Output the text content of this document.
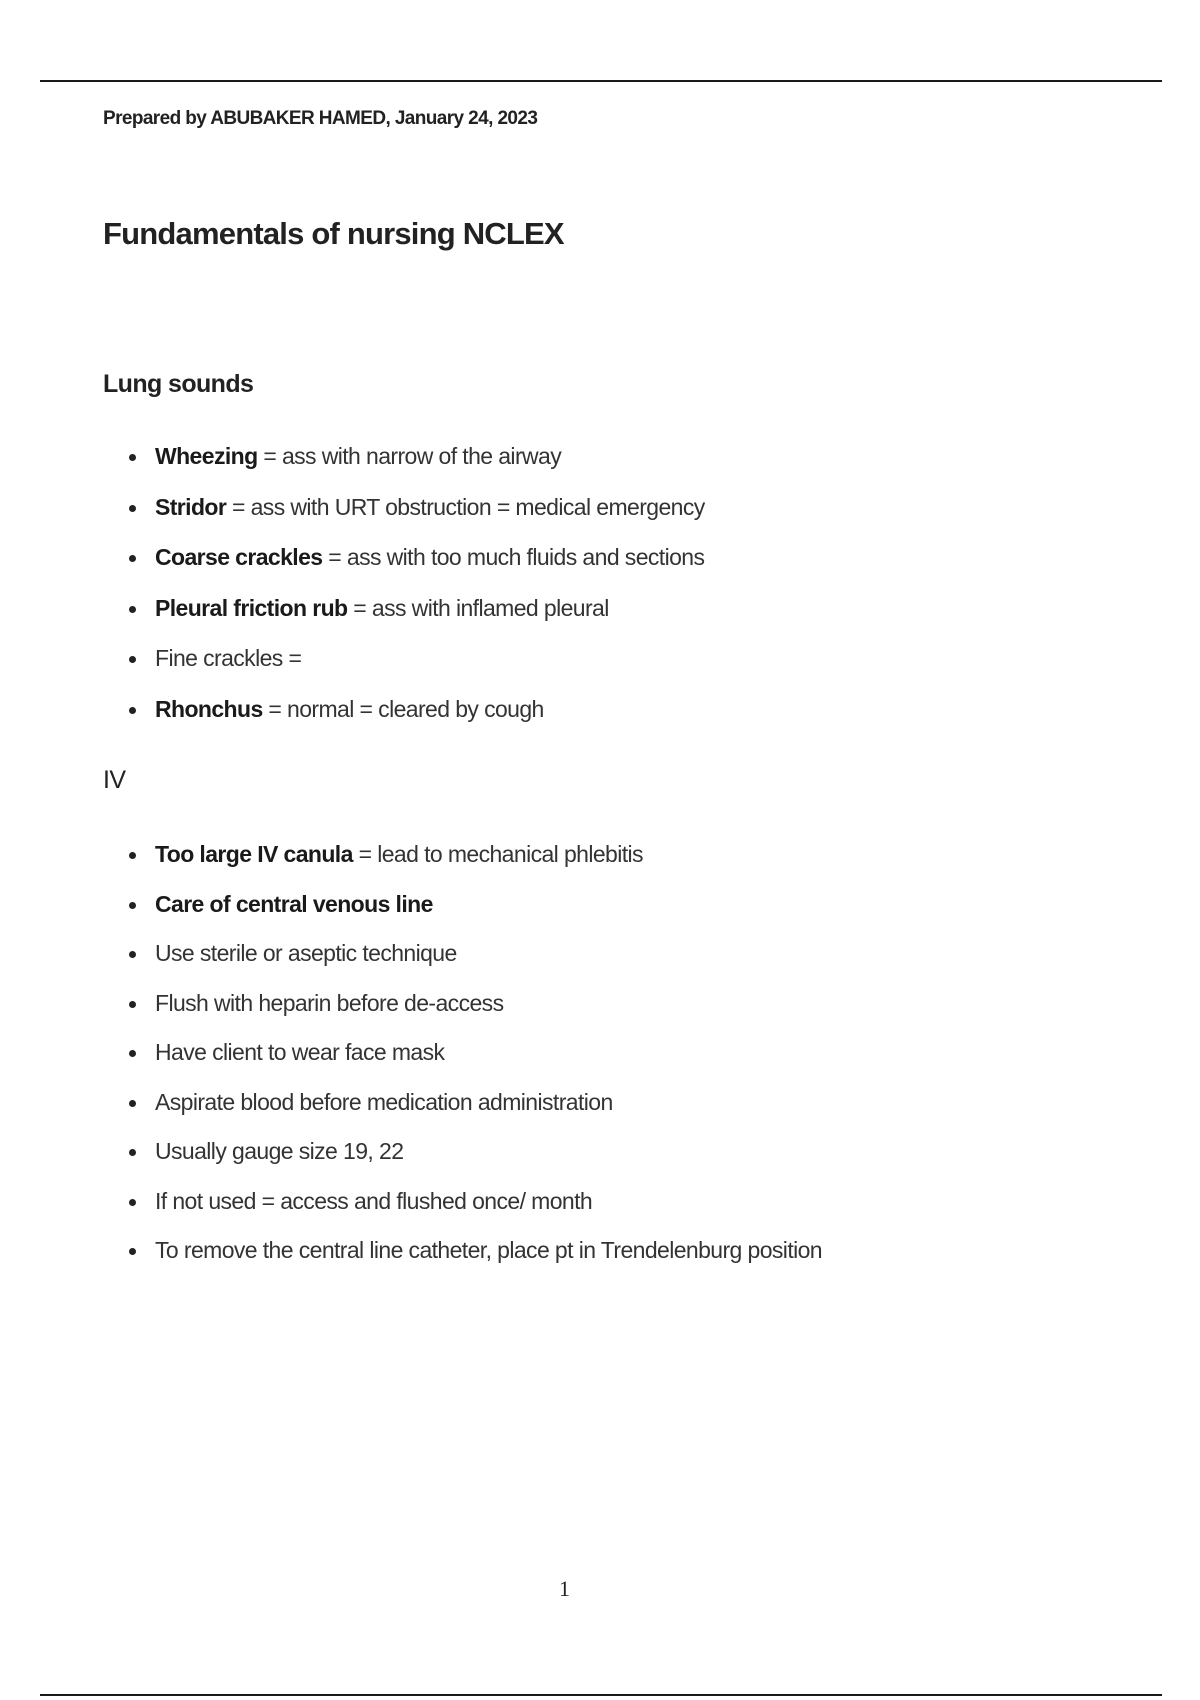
Prepared by ABUBAKER HAMED, January 24, 2023
Fundamentals of nursing NCLEX
Lung sounds
Wheezing = ass with narrow of the airway
Stridor = ass with URT obstruction = medical emergency
Coarse crackles = ass with too much fluids and sections
Pleural friction rub = ass with inflamed pleural
Fine crackles =
Rhonchus = normal = cleared by cough
IV
Too large IV canula = lead to mechanical phlebitis
Care of central venous line
Use sterile or aseptic technique
Flush with heparin before de-access
Have client to wear face mask
Aspirate blood before medication administration
Usually gauge size 19, 22
If not used = access and flushed once/ month
To remove the central line catheter, place pt in Trendelenburg position
1
